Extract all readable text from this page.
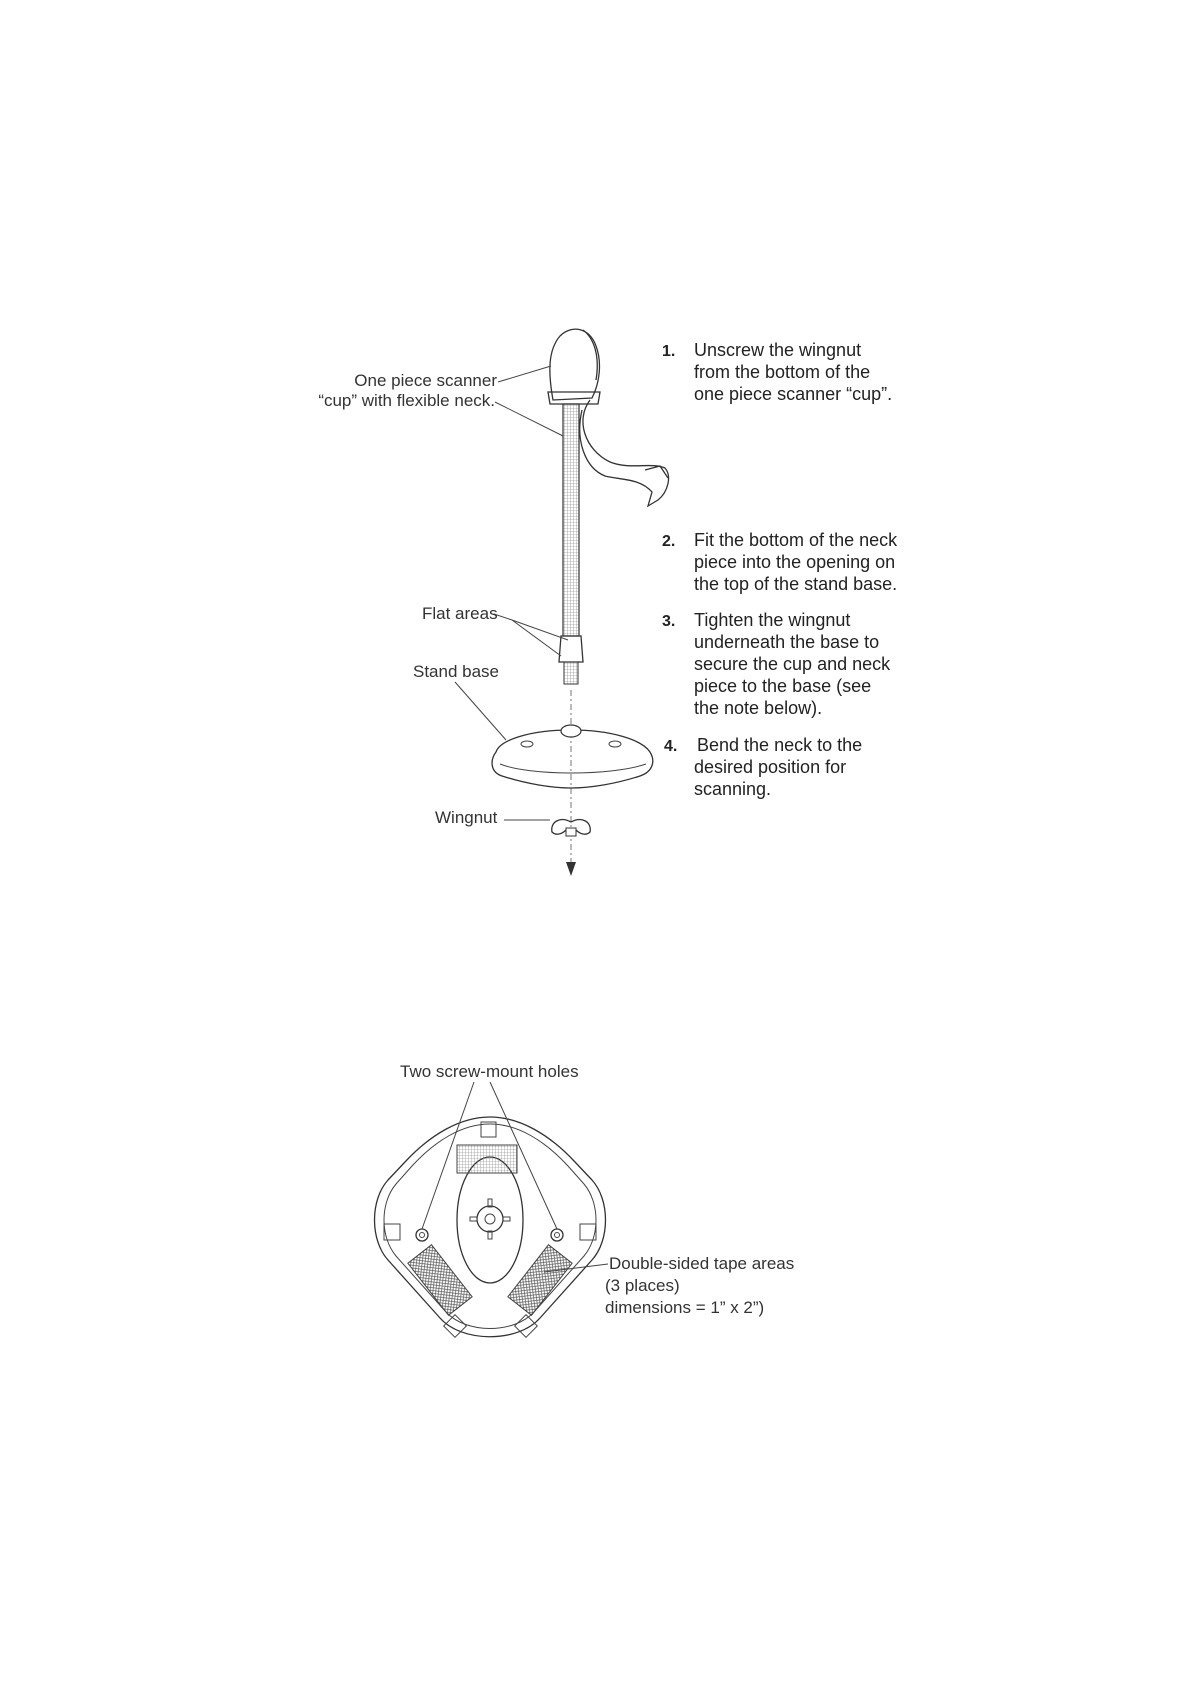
One piece scanner
“cup” with flexible neck.
Flat areas
Stand base
Wingnut
1. Unscrew the wingnut
from the bottom of the
one piece scanner “cup”.
2. Fit the bottom of the neck
piece into the opening on
the top of the stand base.
3. Tighten the wingnut
underneath the base to
secure the cup and neck
piece to the base (see
the note below).
4. Bend the neck to the
desired position for
scanning.
Two screw-mount holes
Double-sided tape areas
(3 places)
dimensions = 1” x 2”)
